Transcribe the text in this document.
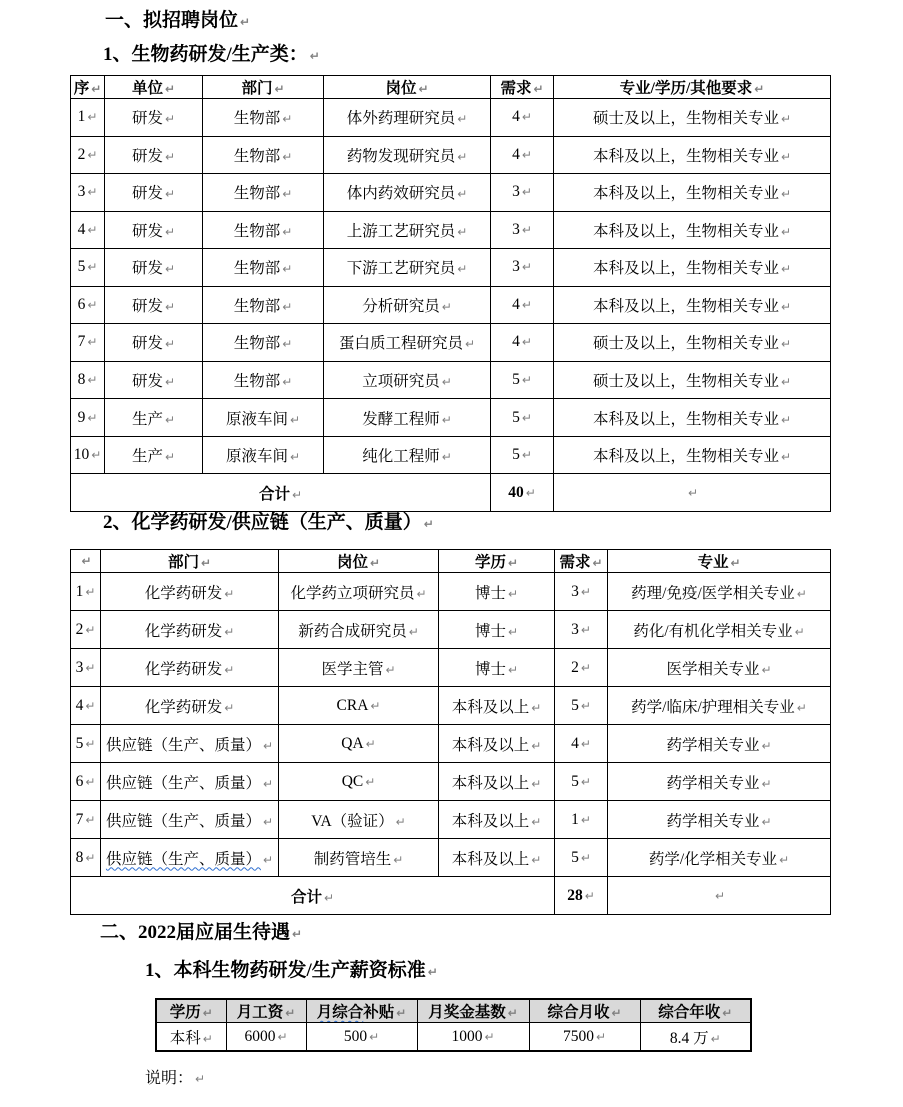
一、拟招聘岗位 ↵
1、生物药研发/生产类： ↵
序 ↵	单位 ↵	部门 ↵	岗位 ↵	需求 ↵	专业/学历/其他要求 ↵
1 ↵	研发 ↵	生物部 ↵	体外药理研究员 ↵	4 ↵	硕士及以上，生物相关专业 ↵
2 ↵	研发 ↵	生物部 ↵	药物发现研究员 ↵	4 ↵	本科及以上，生物相关专业 ↵
3 ↵	研发 ↵	生物部 ↵	体内药效研究员 ↵	3 ↵	本科及以上，生物相关专业 ↵
4 ↵	研发 ↵	生物部 ↵	上游工艺研究员 ↵	3 ↵	本科及以上，生物相关专业 ↵
5 ↵	研发 ↵	生物部 ↵	下游工艺研究员 ↵	3 ↵	本科及以上，生物相关专业 ↵
6 ↵	研发 ↵	生物部 ↵	分析研究员 ↵	4 ↵	本科及以上，生物相关专业 ↵
7 ↵	研发 ↵	生物部 ↵	蛋白质工程研究员 ↵	4 ↵	硕士及以上，生物相关专业 ↵
8 ↵	研发 ↵	生物部 ↵	立项研究员 ↵	5 ↵	硕士及以上，生物相关专业 ↵
9 ↵	生产 ↵	原液车间 ↵	发酵工程师 ↵	5 ↵	本科及以上，生物相关专业 ↵
10 ↵	生产 ↵	原液车间 ↵	纯化工程师 ↵	5 ↵	本科及以上，生物相关专业 ↵
合计 ↵				40 ↵	↵
2、化学药研发/供应链（生产、质量） ↵
↵	部门 ↵	岗位 ↵	学历 ↵	需求 ↵	专业 ↵
1 ↵	化学药研发 ↵	化学药立项研究员 ↵	博士 ↵	3 ↵	药理/免疫/医学相关专业 ↵
2 ↵	化学药研发 ↵	新药合成研究员 ↵	博士 ↵	3 ↵	药化/有机化学相关专业 ↵
3 ↵	化学药研发 ↵	医学主管 ↵	博士 ↵	2 ↵	医学相关专业 ↵
4 ↵	化学药研发 ↵	CRA ↵	本科及以上 ↵	5 ↵	药学/临床/护理相关专业 ↵
5 ↵	供应链（生产、质量） ↵	QA ↵	本科及以上 ↵	4 ↵	药学相关专业 ↵
6 ↵	供应链（生产、质量） ↵	QC ↵	本科及以上 ↵	5 ↵	药学相关专业 ↵
7 ↵	供应链（生产、质量） ↵	VA（验证） ↵	本科及以上 ↵	1 ↵	药学相关专业 ↵
8 ↵	供应链（生产、质量） ↵	制药管培生 ↵	本科及以上 ↵	5 ↵	药学/化学相关专业 ↵
合计 ↵				28 ↵	↵
二、2022届应届生待遇 ↵
1、本科生物药研发/生产薪资标准 ↵
学历 ↵	月工资 ↵	月综合补贴 ↵	月奖金基数 ↵	综合月收 ↵	综合年收 ↵
本科 ↵	6000 ↵	500 ↵	1000 ↵	7500 ↵	8.4 万 ↵
说明： ↵
